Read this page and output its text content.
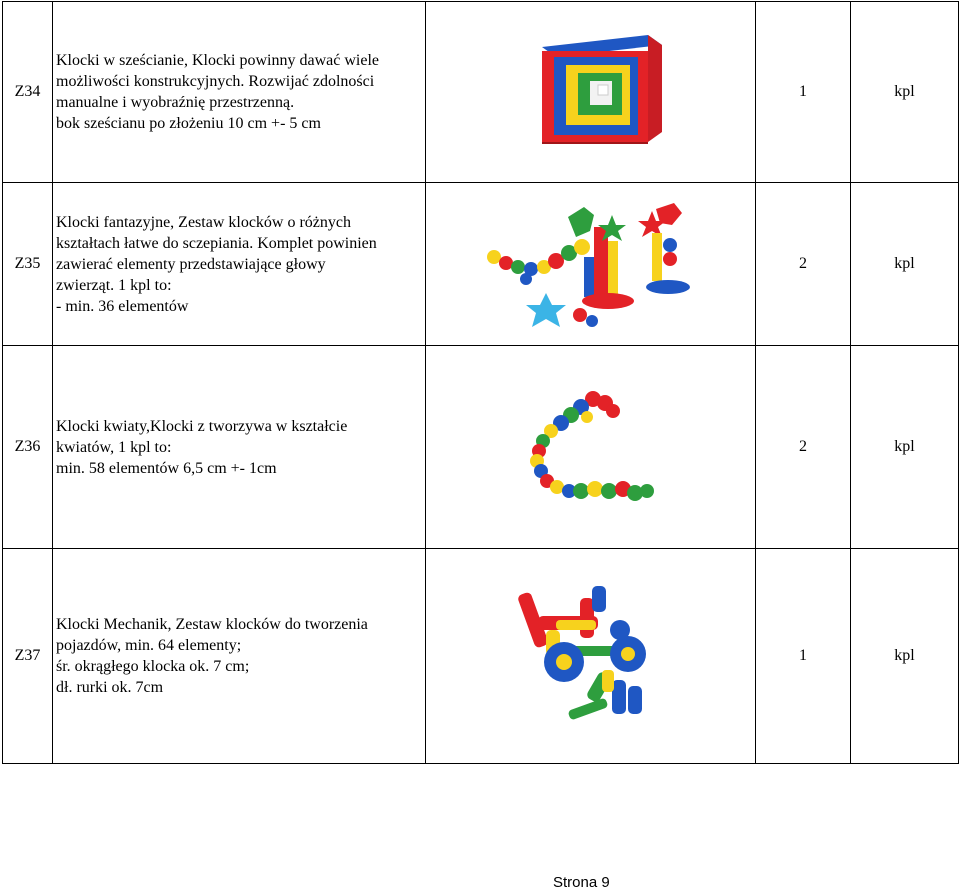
Z34	Klocki w sześcianie, Klocki powinny dawać wiele
możliwości konstrukcyjnych. Rozwijać zdolności
manualne i wyobraźnię przestrzenną.
bok sześcianu po złożeniu 10 cm +- 5 cm		1	kpl
Z35	Klocki fantazyjne, Zestaw klocków o różnych
kształtach łatwe do sczepiania. Komplet powinien
zawierać elementy przedstawiające głowy
zwierząt. 1 kpl to:
- min. 36 elementów		2	kpl
Z36	Klocki kwiaty,Klocki z tworzywa w kształcie
kwiatów, 1 kpl to:
min. 58 elementów 6,5 cm +- 1cm		2	kpl
Z37	Klocki Mechanik, Zestaw klocków do tworzenia
pojazdów, min. 64 elementy;
śr. okrągłego klocka ok. 7 cm;
dł. rurki ok. 7cm		1	kpl
Strona 9
